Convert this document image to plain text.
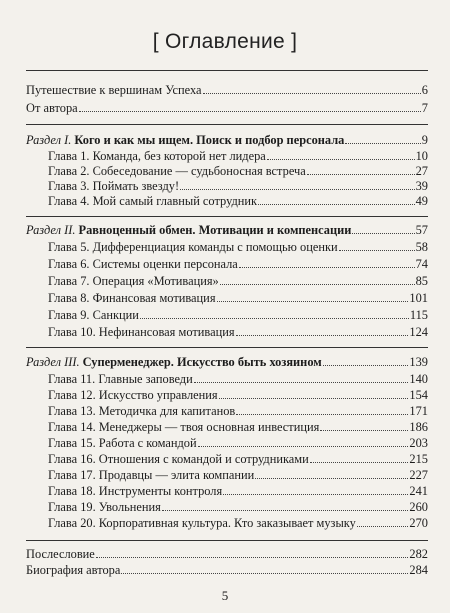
[ Оглавление ]
Путешествие к вершинам Успеха	6
От автора	7
Раздел I. Кого и как мы ищем. Поиск и подбор персонала	9
Глава 1. Команда, без которой нет лидера	10
Глава 2. Собеседование — судьбоносная встреча	27
Глава 3. Поймать звезду!	39
Глава 4. Мой самый главный сотрудник	49
Раздел II. Равноценный обмен. Мотивации и компенсации	57
Глава 5. Дифференциация команды с помощью оценки	58
Глава 6. Системы оценки персонала	74
Глава 7. Операция «Мотивация»	85
Глава 8. Финансовая мотивация	101
Глава 9. Санкции	115
Глава 10. Нефинансовая мотивация	124
Раздел III. Суперменеджер. Искусство быть хозяином	139
Глава 11. Главные заповеди	140
Глава 12. Искусство управления	154
Глава 13. Методичка для капитанов	171
Глава 14. Менеджеры — твоя основная инвестиция	186
Глава 15. Работа с командой	203
Глава 16. Отношения с командой и сотрудниками	215
Глава 17. Продавцы — элита компании	227
Глава 18. Инструменты контроля	241
Глава 19. Увольнения	260
Глава 20. Корпоративная культура. Кто заказывает музыку	270
5
Послесловие	282
Биография автора	284
